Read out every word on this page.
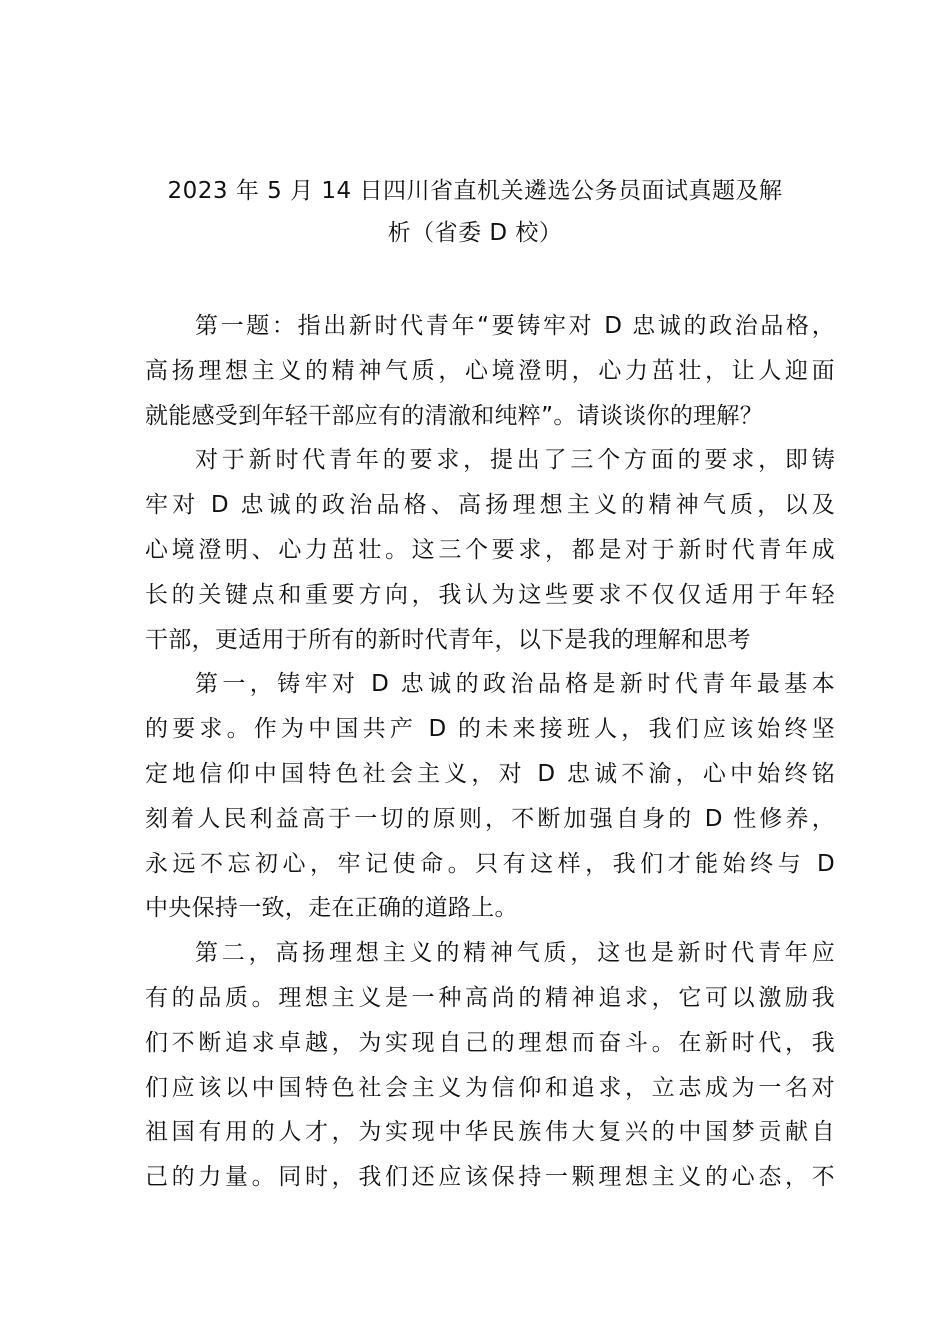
2023 年 5 月 14 日四川省直机关遴选公务员面试真题及解
析（省委 D 校）
第一题：指出新时代青年“要铸牢对 D 忠诚的政治品格，
高扬理想主义的精神气质，心境澄明，心力茁壮，让人迎面
就能感受到年轻干部应有的清澈和纯粹”。请谈谈你的理解？
对于新时代青年的要求，提出了三个方面的要求，即铸
牢对 D 忠诚的政治品格、高扬理想主义的精神气质，以及
心境澄明、心力茁壮。这三个要求，都是对于新时代青年成
长的关键点和重要方向，我认为这些要求不仅仅适用于年轻
干部，更适用于所有的新时代青年，以下是我的理解和思考
第一，铸牢对 D 忠诚的政治品格是新时代青年最基本
的要求。作为中国共产 D 的未来接班人，我们应该始终坚
定地信仰中国特色社会主义，对 D 忠诚不渝，心中始终铭
刻着人民利益高于一切的原则，不断加强自身的 D 性修养，
永远不忘初心，牢记使命。只有这样，我们才能始终与 D
中央保持一致，走在正确的道路上。
第二，高扬理想主义的精神气质，这也是新时代青年应
有的品质。理想主义是一种高尚的精神追求，它可以激励我
们不断追求卓越，为实现自己的理想而奋斗。在新时代，我
们应该以中国特色社会主义为信仰和追求，立志成为一名对
祖国有用的人才，为实现中华民族伟大复兴的中国梦贡献自
己的力量。同时，我们还应该保持一颗理想主义的心态，不
